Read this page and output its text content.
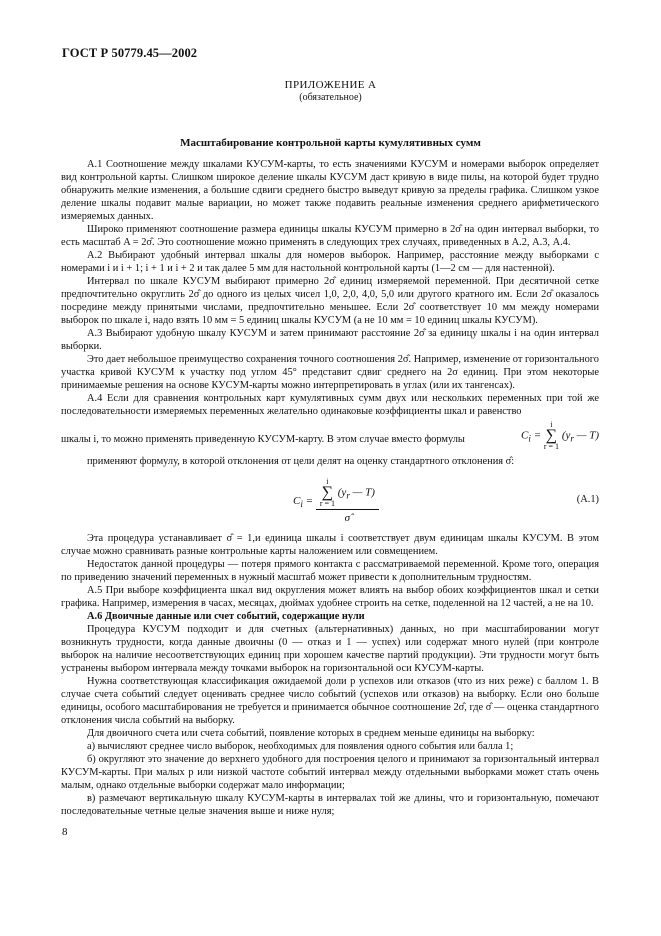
ГОСТ Р 50779.45—2002
ПРИЛОЖЕНИЕ А
(обязательное)
Масштабирование контрольной карты кумулятивных сумм

А.1 Соотношение между шкалами КУСУМ-карты, то есть значениями КУСУМ и номерами выборок определяет вид контрольной карты. Слишком широкое деление шкалы КУСУМ даст кривую в виде пилы, на которой будет трудно обнаружить мелкие изменения, а большие сдвиги среднего быстро выведут кривую за пределы графика. Слишком узкое деление шкалы подавит малые вариации, но может также подавить реальные изменения среднего арифметического измеряемых данных.

Широко применяют соотношение размера единицы шкалы КУСУМ примерно в 2σ̂ на один интервал выборки, то есть масштаб A = 2σ̂. Это соотношение можно применять в следующих трех случаях, приведенных в А.2, А.3, А.4.

А.2 Выбирают удобный интервал шкалы для номеров выборок. Например, расстояние между выборками с номерами i и i + 1; i + 1 и i + 2 и так далее 5 мм для настольной контрольной карты (1—2 см — для настенной).

Интервал по шкале КУСУМ выбирают примерно 2σ̂ единиц измеряемой переменной. При десятичной сетке предпочтительно округлить 2σ̂ до одного из целых чисел 1,0, 2,0, 4,0, 5,0 или другого кратного им. Если 2σ̂ оказалось посредине между принятыми числами, предпочтительно меньшее. Если 2σ̂ соответствует 10 мм между номерами выборок по шкале i, надо взять 10 мм = 5 единиц шкалы КУСУМ (а не 10 мм = 10 единиц шкалы КУСУМ).

А.3 Выбирают удобную шкалу КУСУМ и затем принимают расстояние 2σ̂ за единицу шкалы i на один интервал выборки.

Это дает небольшое преимущество сохранения точного соотношения 2σ̂. Например, изменение от горизонтального участка кривой КУСУМ к участку под углом 45° представит сдвиг среднего на 2σ единиц. При этом некоторые принимаемые решения на основе КУСУМ-карты можно интерпретировать в углах (или их тангенсах).

А.4 Если для сравнения контрольных карт кумулятивных сумм двух или нескольких переменных при той же последовательности измеряемых переменных желательно одинаковые коэффициенты шкал и равенство

шкалы i, то можно применять приведенную КУСУМ-карту. В этом случае вместо формулы	$C_i = i$
∑
r = 1 ($y_r$ — T)

применяют формулу, в которой отклонения от цели делят на оценку стандартного отклонения σ̂:

$C_i$ =
i
∑
r = 1 ($y_r$ — T)
σ̂
(А.1)

Эта процедура устанавливает σ̂ = 1,и единица шкалы i соответствует двум единицам шкалы КУСУМ. В этом случае можно сравнивать разные контрольные карты наложением или совмещением.

Недостаток данной процедуры — потеря прямого контакта с рассматриваемой переменной. Кроме того, операция по приведению значений переменных в нужный масштаб может привести к дополнительным трудностям.

А.5 При выборе коэффициента шкал вид округления может влиять на выбор обоих коэффициентов шкал и сетки графика. Например, измерения в часах, месяцах, дюймах удобнее строить на сетке, поделенной на 12 частей, а не на 10.

А.6 Двоичные данные или счет событий, содержащие нули

Процедура КУСУМ подходит и для счетных (альтернативных) данных, но при масштабировании могут возникнуть трудности, когда данные двоичны (0 — отказ и 1 — успех) или содержат много нулей (при контроле выборок на наличие несоответствующих единиц при хорошем качестве партий продукции). Эти трудности могут быть устранены выбором интервала между точками выборок на горизонтальной оси КУСУМ-карты.

Нужна соответствующая классификация ожидаемой доли p успехов или отказов (что из них реже) с баллом 1. В случае счета событий следует оценивать среднее число событий (успехов или отказов) на выборку. Если оно больше единицы, особого масштабирования не требуется и принимается обычное соотношение 2σ̂, где σ̂ — оценка стандартного отклонения числа событий на выборку.

Для двоичного счета или счета событий, появление которых в среднем меньше единицы на выборку:

а) вычисляют среднее число выборок, необходимых для появления одного события или балла 1;

б) округляют это значение до верхнего удобного для построения целого и принимают за горизонтальный интервал КУСУМ-карты. При малых p или низкой частоте событий интервал между отдельными выборками может стать очень малым, однако отдельные выборки содержат мало информации;

в) размечают вертикальную шкалу КУСУМ-карты в интервалах той же длины, что и горизонтальную, помечают последовательные четные целые значения выше и ниже нуля;

8
